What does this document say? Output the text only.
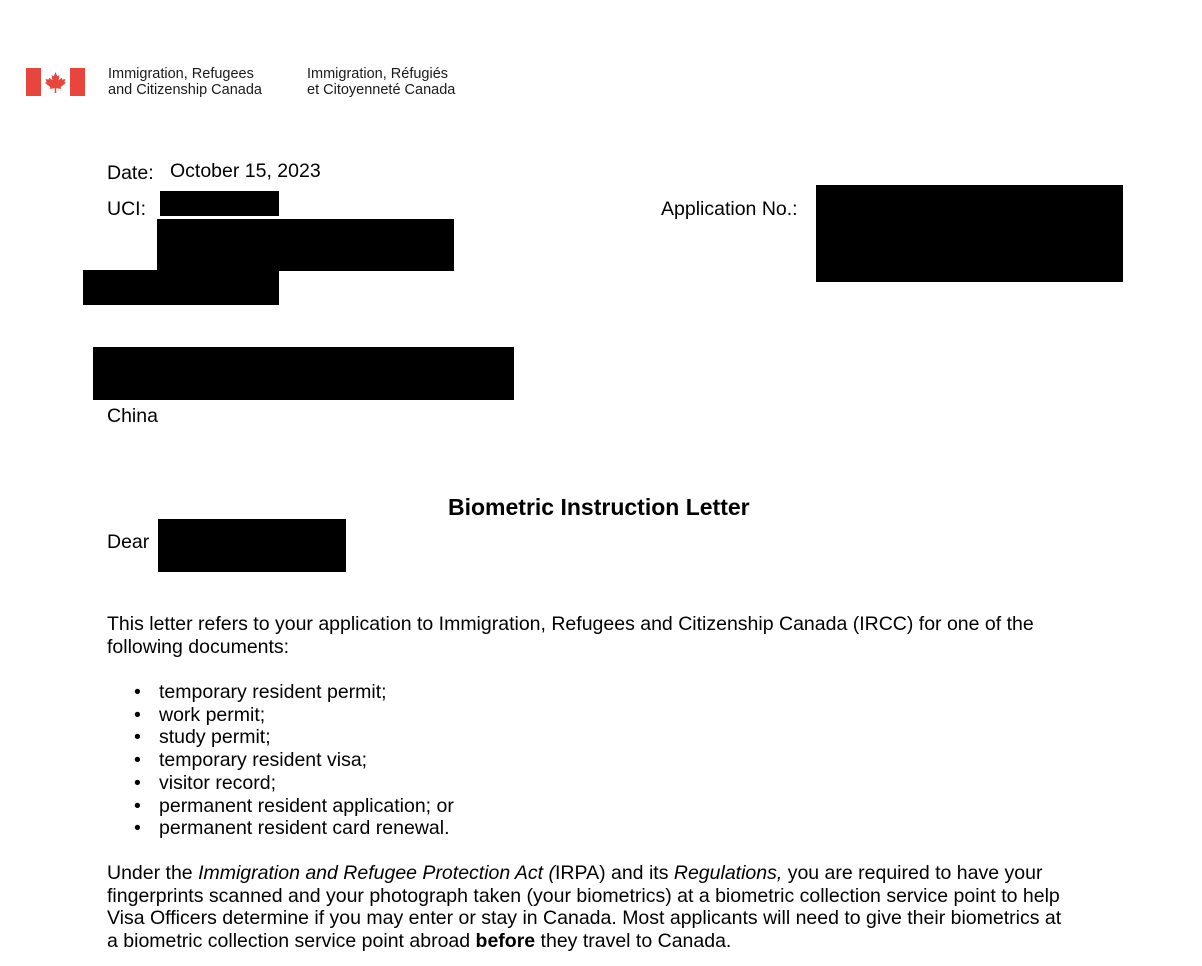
Immigration, Refugees
and Citizenship Canada
Immigration, Réfugiés
et Citoyenneté Canada
Date: October 15, 2023
UCI:	Application No.:
China
Biometric Instruction Letter
Dear
This letter refers to your application to Immigration, Refugees and Citizenship Canada (IRCC) for one of the
following documents:
• temporary resident permit;
• work permit;
• study permit;
• temporary resident visa;
• visitor record;
• permanent resident application; or
• permanent resident card renewal.
Under the Immigration and Refugee Protection Act (IRPA) and its Regulations, you are required to have your
fingerprints scanned and your photograph taken (your biometrics) at a biometric collection service point to help
Visa Officers determine if you may enter or stay in Canada. Most applicants will need to give their biometrics at
a biometric collection service point abroad before they travel to Canada.
